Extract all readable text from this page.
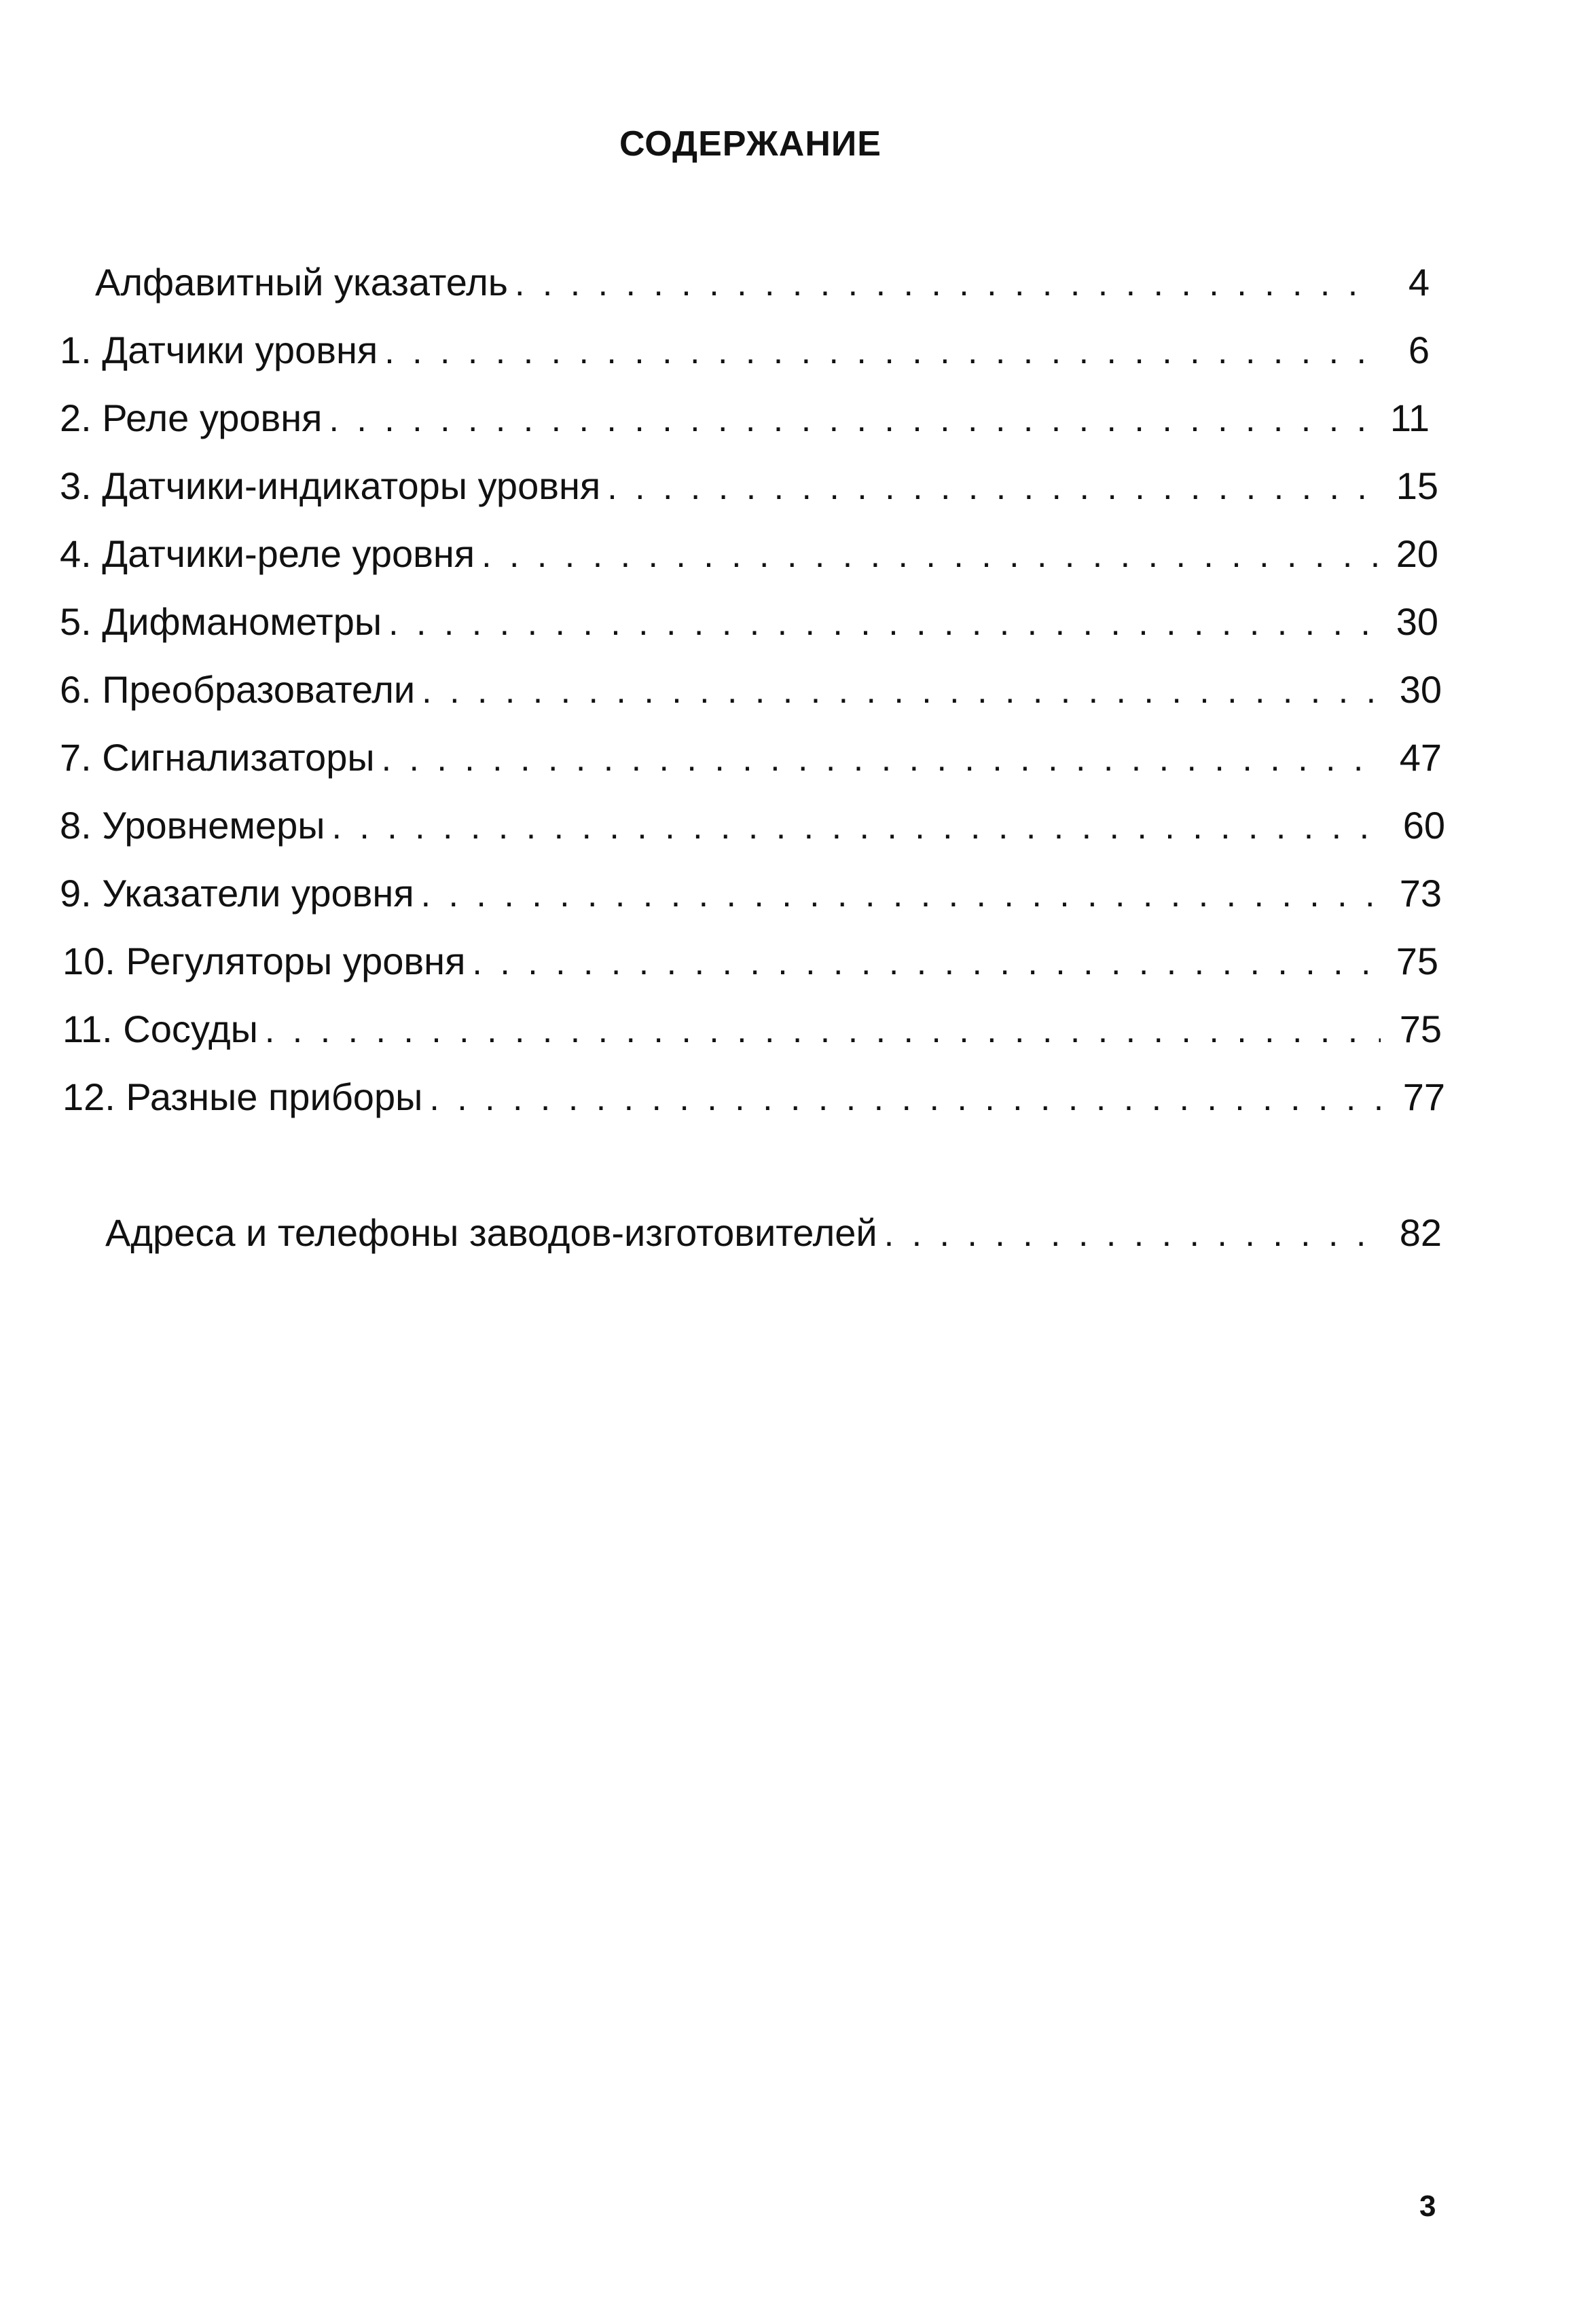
СОДЕРЖАНИЕ
Алфавитный указатель . . .	4
1. Датчики уровня . . .	6
2. Реле уровня . . .	11
3. Датчики-индикаторы уровня . . .	15
4. Датчики-реле уровня . . .	20
5. Дифманометры . . .	30
6. Преобразователи . . .	30
7. Сигнализаторы . . .	47
8. Уровнемеры . . .	60
9. Указатели уровня . . .	73
10. Регуляторы уровня . . .	75
11. Сосуды . . .	75
12. Разные приборы . . .	77
Адреса и телефоны заводов-изготовителей . . .	82
3
